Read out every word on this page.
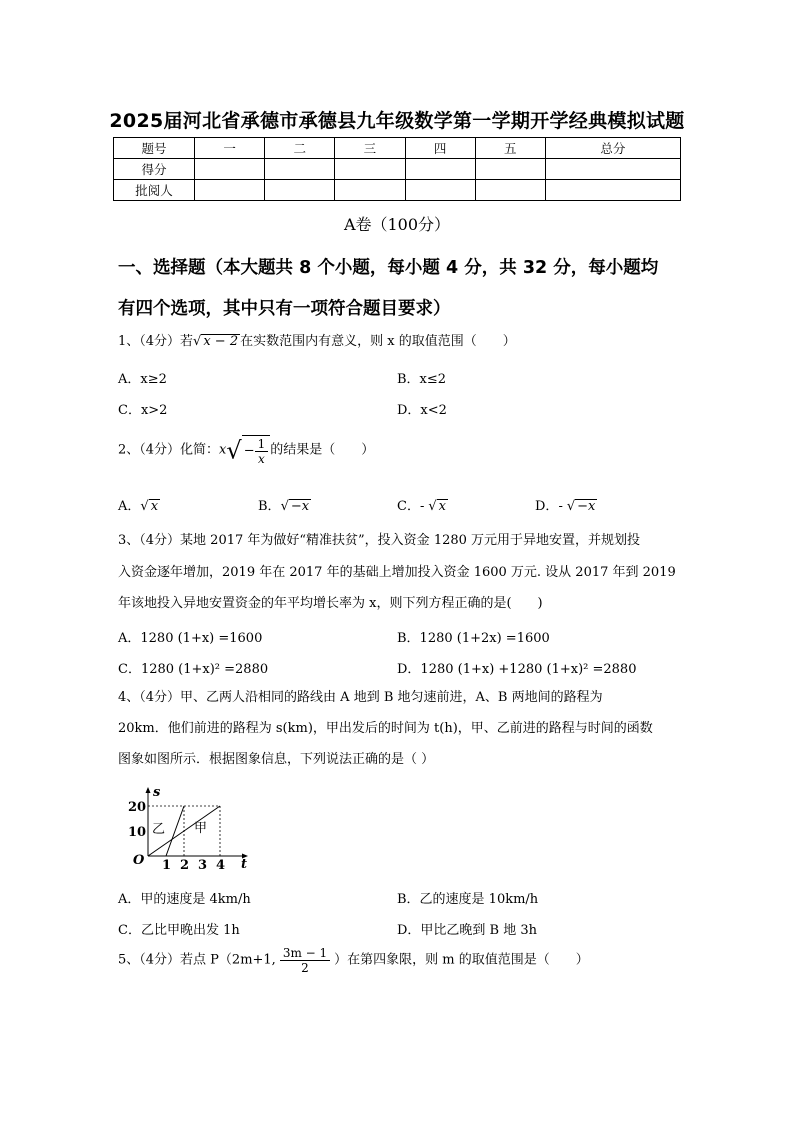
2025届河北省承德市承德县九年级数学第一学期开学经典模拟试题
题号	一	二	三	四	五	总分
得分						
批阅人						
A卷（100分）
一、选择题（本大题共 8 个小题，每小题 4 分，共 32 分，每小题均
有四个选项，其中只有一项符合题目要求）
1、（4分）若√ x − 2 在实数范围内有意义，则 x 的取值范围（　　）
A．x≥2	B．x≤2
C．x>2	D．x<2
2、（4分）化简：$x√ - \frac{1}{x}$ 的结果是（　　）
A．√ x	B．√ −x	C．- √ x	D．- √ −x
3、（4分）某地 2017 年为做好“精准扶贫”，投入资金 1280 万元用于异地安置，并规划投
入资金逐年增加，2019 年在 2017 年的基础上增加投入资金 1600 万元. 设从 2017 年到 2019
年该地投入异地安置资金的年平均增长率为 x，则下列方程正确的是(　　)
A．1280 (1+x) =1600	B．1280 (1+2x) =1600
C．1280 (1+x)² =2880	D．1280 (1+x) +1280 (1+x)² =2880
4、（4分）甲、乙两人沿相同的路线由 A 地到 B 地匀速前进，A、B 两地间的路程为
20km．他们前进的路程为 s(km)，甲出发后的时间为 t(h)，甲、乙前进的路程与时间的函数
图象如图所示．根据图象信息，下列说法正确的是（ ）
O	t
s
20
10
1 2 3 4
乙 甲
A．甲的速度是 4km/h	B．乙的速度是 10km/h
C．乙比甲晚出发 1h	D．甲比乙晚到 B 地 3h
5、（4分）若点 P（2m+1, $\frac{3m - 1}{2}$ ）在第四象限，则 m 的取值范围是（　　）
